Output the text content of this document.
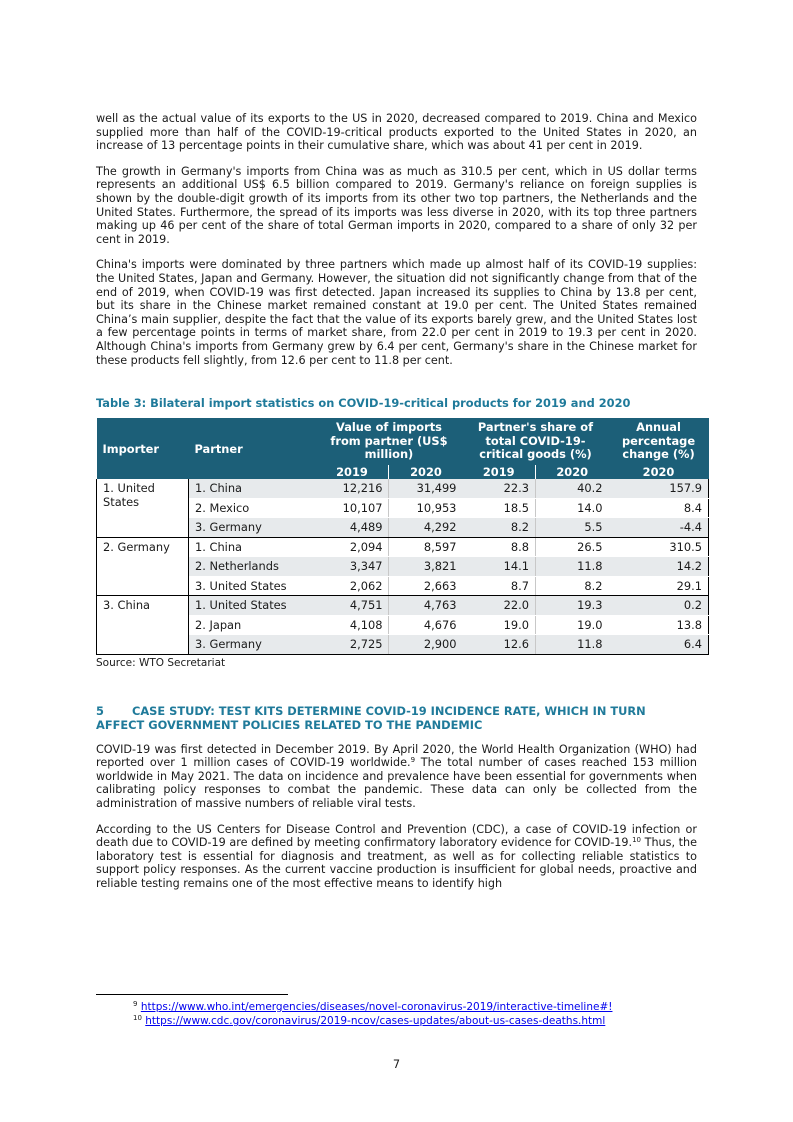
well as the actual value of its exports to the US in 2020, decreased compared to 2019. China and Mexico supplied more than half of the COVID-19-critical products exported to the United States in 2020, an increase of 13 percentage points in their cumulative share, which was about 41 per cent in 2019.

The growth in Germany's imports from China was as much as 310.5 per cent, which in US dollar terms represents an additional US$ 6.5 billion compared to 2019. Germany's reliance on foreign supplies is shown by the double-digit growth of its imports from its other two top partners, the Netherlands and the United States. Furthermore, the spread of its imports was less diverse in 2020, with its top three partners making up 46 per cent of the share of total German imports in 2020, compared to a share of only 32 per cent in 2019.

China's imports were dominated by three partners which made up almost half of its COVID-19 supplies: the United States, Japan and Germany. However, the situation did not significantly change from that of the end of 2019, when COVID-19 was first detected. Japan increased its supplies to China by 13.8 per cent, but its share in the Chinese market remained constant at 19.0 per cent. The United States remained China’s main supplier, despite the fact that the value of its exports barely grew, and the United States lost a few percentage points in terms of market share, from 22.0 per cent in 2019 to 19.3 per cent in 2020. Although China's imports from Germany grew by 6.4 per cent, Germany's share in the Chinese market for these products fell slightly, from 12.6 per cent to 11.8 per cent.

Table 3: Bilateral import statistics on COVID-19-critical products for 2019 and 2020
Importer	Partner	Value of imports from partner (US$ million)		Partner's share of total COVID-19-critical goods (%)		Annual percentage change (%)
		2019	2020	2019	2020	2020
1. United States	1. China	12,216	31,499	22.3	40.2	157.9
	2. Mexico	10,107	10,953	18.5	14.0	8.4
	3. Germany	4,489	4,292	8.2	5.5	-4.4
2. Germany	1. China	2,094	8,597	8.8	26.5	310.5
	2. Netherlands	3,347	3,821	14.1	11.8	14.2
	3. United States	2,062	2,663	8.7	8.2	29.1
3. China	1. United States	4,751	4,763	22.0	19.3	0.2
	2. Japan	4,108	4,676	19.0	19.0	13.8
	3. Germany	2,725	2,900	12.6	11.8	6.4
Source: WTO Secretariat
5 CASE STUDY: TEST KITS DETERMINE COVID-19 INCIDENCE RATE, WHICH IN TURN AFFECT GOVERNMENT POLICIES RELATED TO THE PANDEMIC

COVID-19 was first detected in December 2019. By April 2020, the World Health Organization (WHO) had reported over 1 million cases of COVID-19 worldwide.$^9$ The total number of cases reached 153 million worldwide in May 2021. The data on incidence and prevalence have been essential for governments when calibrating policy responses to combat the pandemic. These data can only be collected from the administration of massive numbers of reliable viral tests.

According to the US Centers for Disease Control and Prevention (CDC), a case of COVID-19 infection or death due to COVID-19 are defined by meeting confirmatory laboratory evidence for COVID-19.10 Thus, the laboratory test is essential for diagnosis and treatment, as well as for collecting reliable statistics to support policy responses. As the current vaccine production is insufficient for global needs, proactive and reliable testing remains one of the most effective means to identify high

$^9$ https://www.who.int/emergencies/diseases/novel-coronavirus-2019/interactive-timeline#!
$^{10}$ https://www.cdc.gov/coronavirus/2019-ncov/cases-updates/about-us-cases-deaths.html
7
